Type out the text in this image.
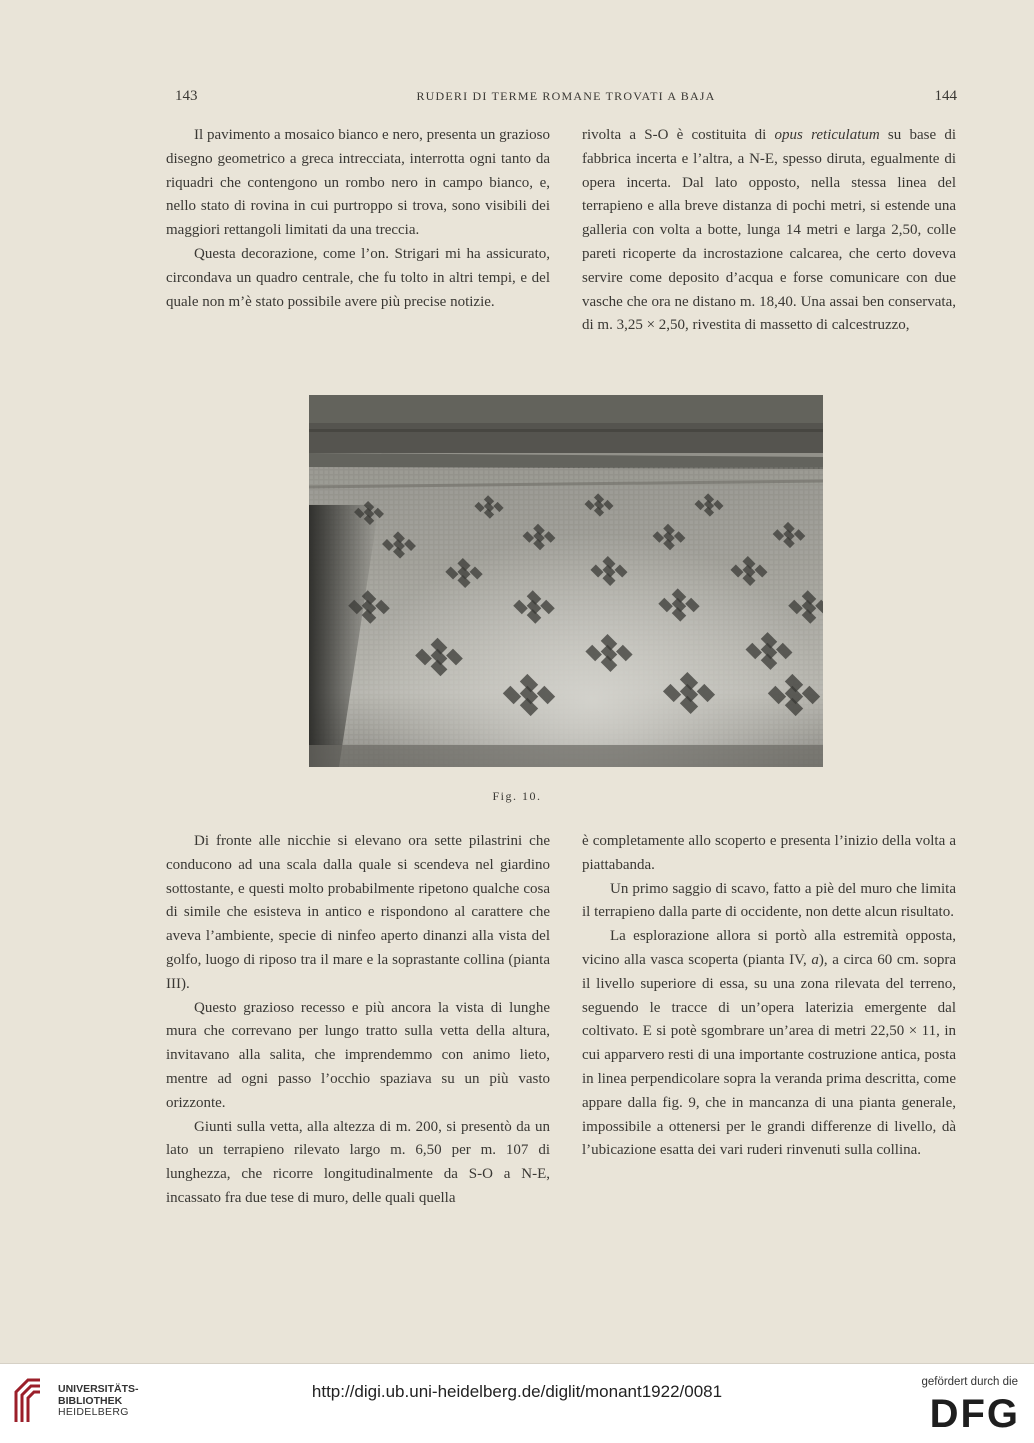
143	RUDERI DI TERME ROMANE TROVATI A BAJA	144

Il pavimento a mosaico bianco e nero, presenta un grazioso disegno geometrico a greca intrecciata, interrotta ogni tanto da riquadri che contengono un rombo nero in campo bianco, e, nello stato di rovina in cui purtroppo si trova, sono visibili dei maggiori rettangoli limitati da una treccia.

Questa decorazione, come l’on. Strigari mi ha assicurato, circondava un quadro centrale, che fu tolto in altri tempi, e del quale non m’è stato possibile avere più precise notizie.

rivolta a S-O è costituita di opus reticulatum su base di fabbrica incerta e l’altra, a N-E, spesso diruta, egualmente di opera incerta. Dal lato opposto, nella stessa linea del terrapieno e alla breve distanza di pochi metri, si estende una galleria con volta a botte, lunga 14 metri e larga 2,50, colle pareti ricoperte da incrostazione calcarea, che certo doveva servire come deposito d’acqua e forse comunicare con due vasche che ora ne distano m. 18,40. Una assai ben conservata, di m. 3,25 × 2,50, rivestita di massetto di calcestruzzo,

Fig. 10.

Di fronte alle nicchie si elevano ora sette pilastrini che conducono ad una scala dalla quale si scendeva nel giardino sottostante, e questi molto probabilmente ripetono qualche cosa di simile che esisteva in antico e rispondono al carattere che aveva l’ambiente, specie di ninfeo aperto dinanzi alla vista del golfo, luogo di riposo tra il mare e la soprastante collina (pianta III).

Questo grazioso recesso e più ancora la vista di lunghe mura che correvano per lungo tratto sulla vetta della altura, invitavano alla salita, che imprendemmo con animo lieto, mentre ad ogni passo l’occhio spaziava su un più vasto orizzonte.

Giunti sulla vetta, alla altezza di m. 200, si presentò da un lato un terrapieno rilevato largo m. 6,50 per m. 107 di lunghezza, che ricorre longitudinalmente da S-O a N-E, incassato fra due tese di muro, delle quali quella

è completamente allo scoperto e presenta l’inizio della volta a piattabanda.

Un primo saggio di scavo, fatto a piè del muro che limita il terrapieno dalla parte di occidente, non dette alcun risultato.

La esplorazione allora si portò alla estremità opposta, vicino alla vasca scoperta (pianta IV, a), a circa 60 cm. sopra il livello superiore di essa, su una zona rilevata del terreno, seguendo le tracce di un’opera laterizia emergente dal coltivato. E si potè sgombrare un’area di metri 22,50 × 11, in cui apparvero resti di una importante costruzione antica, posta in linea perpendicolare sopra la veranda prima descritta, come appare dalla fig. 9, che in mancanza di una pianta generale, impossibile a ottenersi per le grandi differenze di livello, dà l’ubicazione esatta dei vari ruderi rinvenuti sulla collina.

UNIVERSITÄTS-
BIBLIOTHEK
HEIDELBERG
http://digi.ub.uni-heidelberg.de/diglit/monant1922/0081	gefördert durch die
DFG
